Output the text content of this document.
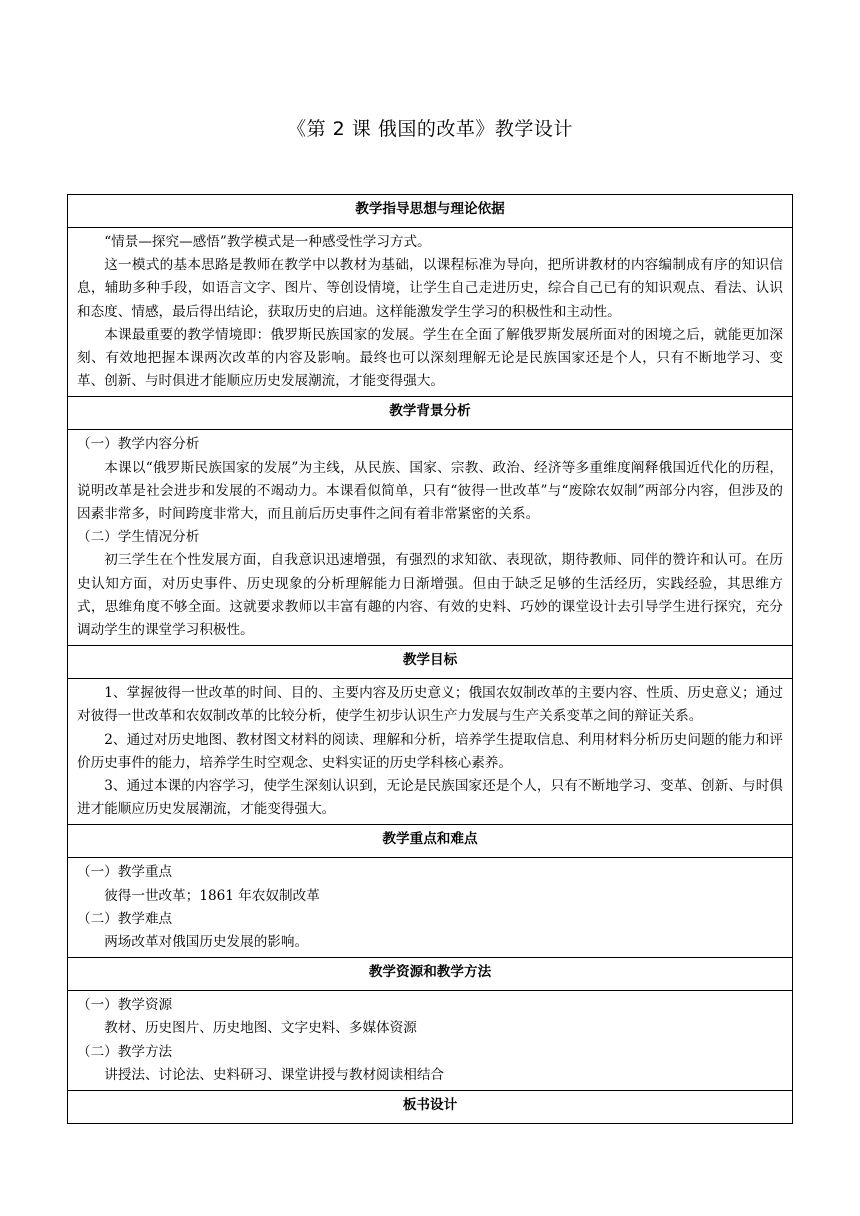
《第 2 课 俄国的改革》教学设计
教学指导思想与理论依据

“情景—探究—感悟”教学模式是一种感受性学习方式。

这一模式的基本思路是教师在教学中以教材为基础，以课程标准为导向，把所讲教材的内容编制成有序的知识信息，辅助多种手段，如语言文字、图片、等创设情境，让学生自己走进历史，综合自己已有的知识观点、看法、认识和态度、情感，最后得出结论，获取历史的启迪。这样能激发学生学习的积极性和主动性。

本课最重要的教学情境即：俄罗斯民族国家的发展。学生在全面了解俄罗斯发展所面对的困境之后，就能更加深刻、有效地把握本课两次改革的内容及影响。最终也可以深刻理解无论是民族国家还是个人，只有不断地学习、变革、创新、与时俱进才能顺应历史发展潮流，才能变得强大。

教学背景分析

（一）教学内容分析

本课以“俄罗斯民族国家的发展”为主线，从民族、国家、宗教、政治、经济等多重维度阐释俄国近代化的历程，说明改革是社会进步和发展的不竭动力。本课看似简单，只有“彼得一世改革”与“废除农奴制”两部分内容，但涉及的因素非常多，时间跨度非常大，而且前后历史事件之间有着非常紧密的关系。

（二）学生情况分析

初三学生在个性发展方面，自我意识迅速增强，有强烈的求知欲、表现欲，期待教师、同伴的赞许和认可。在历史认知方面，对历史事件、历史现象的分析理解能力日渐增强。但由于缺乏足够的生活经历，实践经验，其思维方式，思维角度不够全面。这就要求教师以丰富有趣的内容、有效的史料、巧妙的课堂设计去引导学生进行探究，充分调动学生的课堂学习积极性。

教学目标

1、掌握彼得一世改革的时间、目的、主要内容及历史意义；俄国农奴制改革的主要内容、性质、历史意义；通过对彼得一世改革和农奴制改革的比较分析，使学生初步认识生产力发展与生产关系变革之间的辩证关系。

2、通过对历史地图、教材图文材料的阅读、理解和分析，培养学生提取信息、利用材料分析历史问题的能力和评价历史事件的能力，培养学生时空观念、史料实证的历史学科核心素养。

3、通过本课的内容学习，使学生深刻认识到，无论是民族国家还是个人，只有不断地学习、变革、创新、与时俱进才能顺应历史发展潮流，才能变得强大。

教学重点和难点

（一）教学重点

彼得一世改革；1861 年农奴制改革

（二）教学难点

两场改革对俄国历史发展的影响。

教学资源和教学方法

（一）教学资源

教材、历史图片、历史地图、文字史料、多媒体资源

（二）教学方法

讲授法、讨论法、史料研习、课堂讲授与教材阅读相结合

板书设计
